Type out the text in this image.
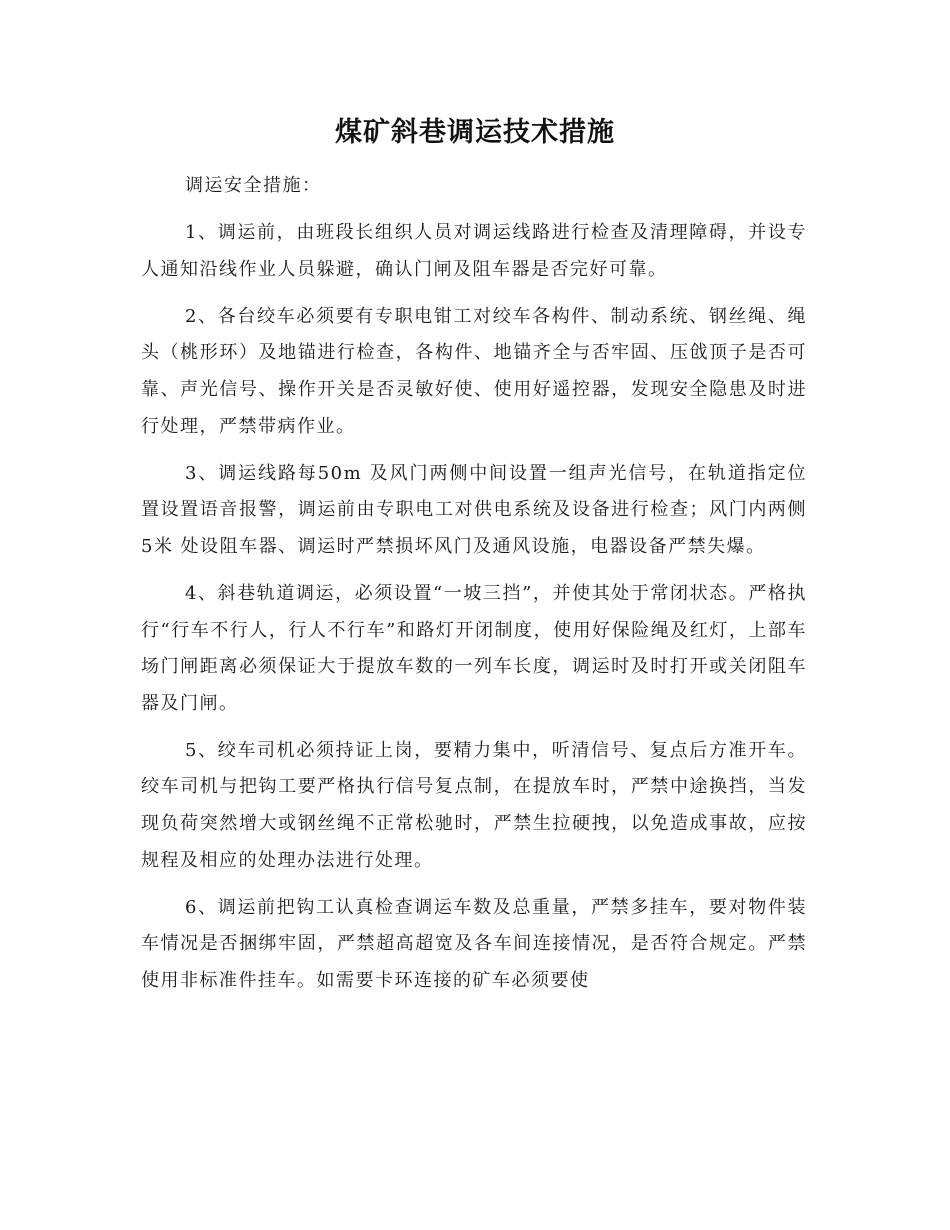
煤矿斜巷调运技术措施

调运安全措施：

1、调运前，由班段长组织人员对调运线路进行检查及清理障碍，并设专人通知沿线作业人员躲避，确认门闸及阻车器是否完好可靠。

2、各台绞车必须要有专职电钳工对绞车各构件、制动系统、钢丝绳、绳头（桃形环）及地锚进行检查，各构件、地锚齐全与否牢固、压戗顶子是否可靠、声光信号、操作开关是否灵敏好使、使用好遥控器，发现安全隐患及时进行处理，严禁带病作业。

3、调运线路每50m 及风门两侧中间设置一组声光信号，在轨道指定位置设置语音报警，调运前由专职电工对供电系统及设备进行检查；风门内两侧5米 处设阻车器、调运时严禁损坏风门及通风设施，电器设备严禁失爆。

4、斜巷轨道调运，必须设置“一坡三挡”，并使其处于常闭状态。严格执行“行车不行人，行人不行车”和路灯开闭制度，使用好保险绳及红灯，上部车场门闸距离必须保证大于提放车数的一列车长度，调运时及时打开或关闭阻车器及门闸。

5、绞车司机必须持证上岗，要精力集中，听清信号、复点后方准开车。绞车司机与把钩工要严格执行信号复点制，在提放车时，严禁中途换挡，当发现负荷突然增大或钢丝绳不正常松驰时，严禁生拉硬拽，以免造成事故，应按规程及相应的处理办法进行处理。

6、调运前把钩工认真检查调运车数及总重量，严禁多挂车，要对物件装车情况是否捆绑牢固，严禁超高超宽及各车间连接情况，是否符合规定。严禁使用非标准件挂车。如需要卡环连接的矿车必须要使
